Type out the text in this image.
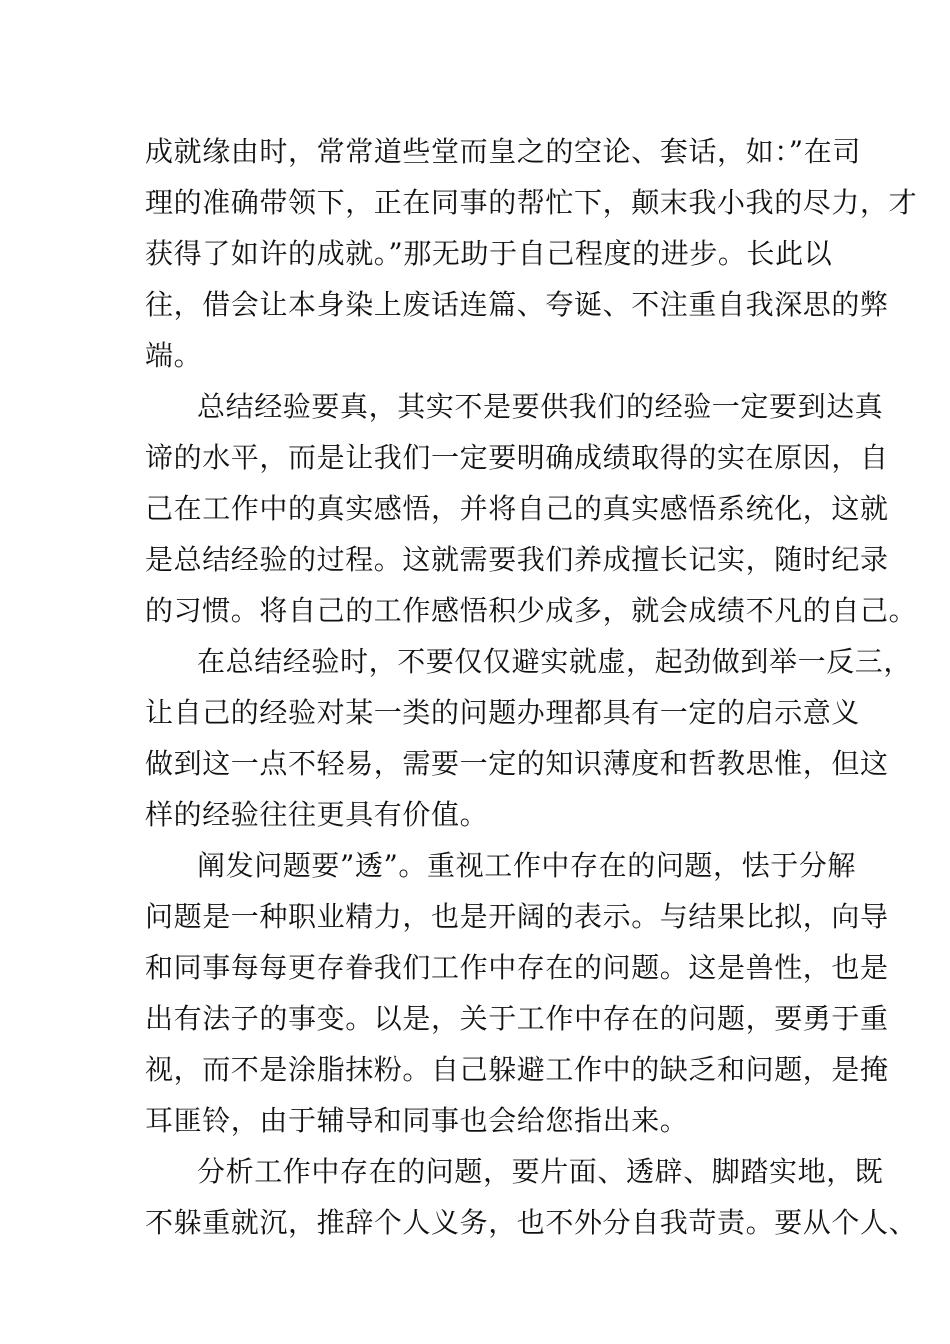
成就缘由时，常常道些堂而皇之的空论、套话，如：”在司
理的准确带领下，正在同事的帮忙下，颠末我小我的尽力，才
获得了如许的成就。”那无助于自己程度的进步。长此以
往，借会让本身染上废话连篇、夸诞、不注重自我深思的弊
端。
总结经验要真，其实不是要供我们的经验一定要到达真
谛的水平，而是让我们一定要明确成绩取得的实在原因，自
己在工作中的真实感悟，并将自己的真实感悟系统化，这就
是总结经验的过程。这就需要我们养成擅长记实，随时纪录
的习惯。将自己的工作感悟积少成多，就会成绩不凡的自己。
在总结经验时，不要仅仅避实就虚，起劲做到举一反三，
让自己的经验对某一类的问题办理都具有一定的启示意义
做到这一点不轻易，需要一定的知识薄度和哲教思惟，但这
样的经验往往更具有价值。
阐发问题要”透”。重视工作中存在的问题，怯于分解
问题是一种职业精力，也是开阔的表示。与结果比拟，向导
和同事每每更存眷我们工作中存在的问题。这是兽性，也是
出有法子的事变。以是，关于工作中存在的问题，要勇于重
视，而不是涂脂抹粉。自己躲避工作中的缺乏和问题，是掩
耳匪铃，由于辅导和同事也会给您指出来。
分析工作中存在的问题，要片面、透辟、脚踏实地，既
不躲重就沉，推辞个人义务，也不外分自我苛责。要从个人、
